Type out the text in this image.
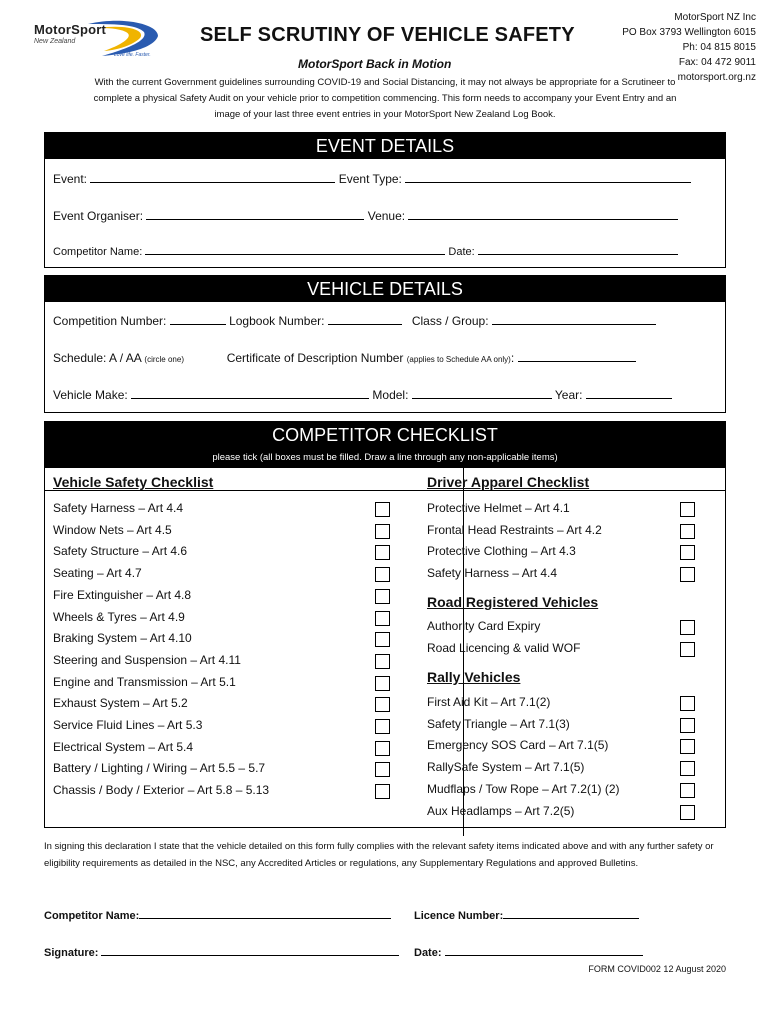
MotorSport
New Zealand
Love life. Faster.
SELF SCRUTINY OF VEHICLE SAFETY
MotorSport Back in Motion
MotorSport NZ Inc
PO Box 3793 Wellington 6015
Ph: 04 815 8015
Fax: 04 472 9011
motorsport.org.nz
With the current Government guidelines surrounding COVID-19 and Social Distancing, it may not always be appropriate for a Scrutineer to complete a physical Safety Audit on your vehicle prior to competition commencing. This form needs to accompany your Event Entry and an image of your last three event entries in your MotorSport New Zealand Log Book.
EVENT DETAILS
Event:	Event Type:
Event Organiser:	Venue:
Competitor Name:	Date:
VEHICLE DETAILS
Competition Number:	Logbook Number:	Class / Group:
Schedule: A / AA (circle one)	Certificate of Description Number (applies to Schedule AA only):
Vehicle Make:	Model:	Year:
COMPETITOR CHECKLIST
please tick (all boxes must be filled. Draw a line through any non-applicable items)
Vehicle Safety Checklist
Safety Harness – Art 4.4
Window Nets – Art 4.5
Safety Structure – Art 4.6
Seating – Art 4.7
Fire Extinguisher – Art 4.8
Wheels & Tyres – Art 4.9
Braking System – Art 4.10
Steering and Suspension – Art 4.11
Engine and Transmission – Art 5.1
Exhaust System – Art 5.2
Service Fluid Lines – Art 5.3
Electrical System – Art 5.4
Battery / Lighting / Wiring – Art 5.5 – 5.7
Chassis / Body / Exterior – Art 5.8 – 5.13
Driver Apparel Checklist
Protective Helmet – Art 4.1
Frontal Head Restraints – Art 4.2
Protective Clothing – Art 4.3
Safety Harness – Art 4.4
Road Registered Vehicles
Authority Card Expiry
Road Licencing & valid WOF
Rally Vehicles
First Aid Kit – Art 7.1(2)
Safety Triangle – Art 7.1(3)
Emergency SOS Card – Art 7.1(5)
RallySafe System – Art 7.1(5)
Mudflaps / Tow Rope – Art 7.2(1) (2)
Aux Headlamps – Art 7.2(5)
In signing this declaration I state that the vehicle detailed on this form fully complies with the relevant safety items indicated above and with any further safety or eligibility requirements as detailed in the NSC, any Accredited Articles or regulations, any Supplementary Regulations and approved Bulletins.
Competitor Name:	Licence Number:
Signature:	Date:
FORM COVID002 12 August 2020
